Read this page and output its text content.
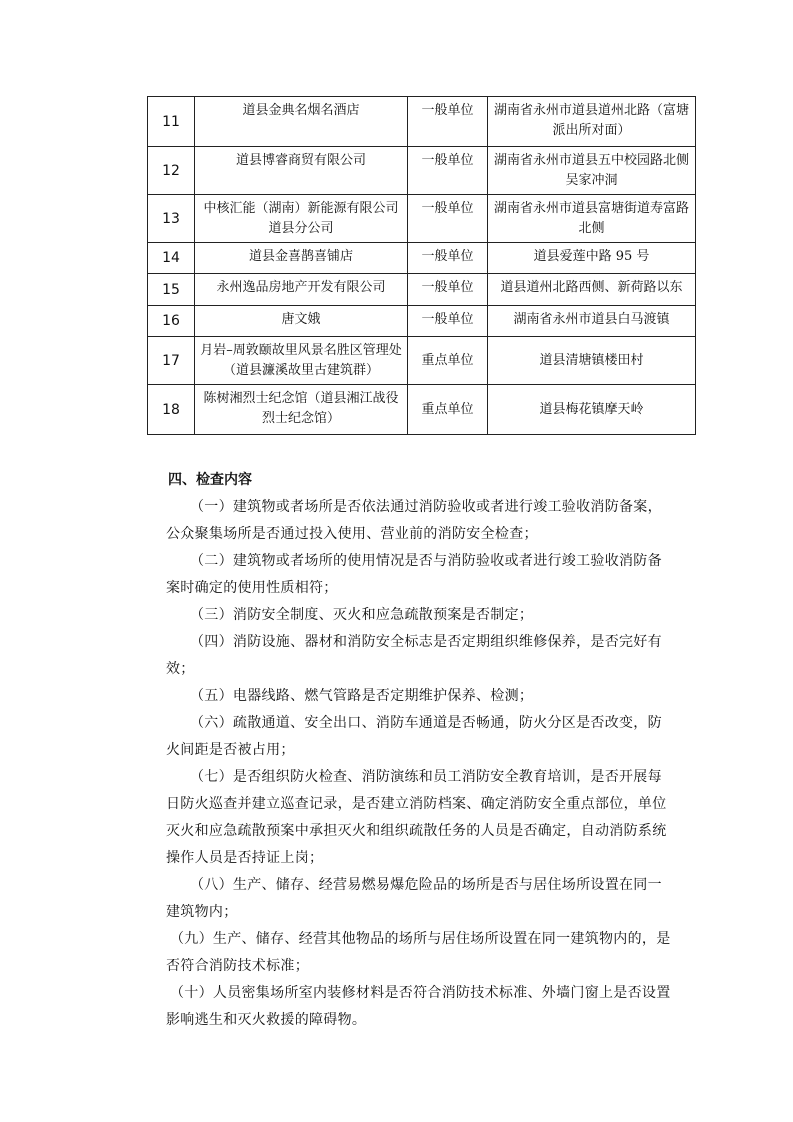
11	道县金典名烟名酒店	一般单位	湖南省永州市道县道州北路（富塘派出所对面）
12	道县博睿商贸有限公司	一般单位	湖南省永州市道县五中校园路北侧吴家冲洞
13	中核汇能（湖南）新能源有限公司道县分公司	一般单位	湖南省永州市道县富塘街道寿富路北侧
14	道县金喜鹊喜铺店	一般单位	道县爱莲中路 95 号
15	永州逸品房地产开发有限公司	一般单位	道县道州北路西侧、新荷路以东
16	唐文娥	一般单位	湖南省永州市道县白马渡镇
17	月岩–周敦颐故里风景名胜区管理处（道县濂溪故里古建筑群）	重点单位	道县清塘镇楼田村
18	陈树湘烈士纪念馆（道县湘江战役烈士纪念馆）	重点单位	道县梅花镇摩天岭
四、检查内容

（一）建筑物或者场所是否依法通过消防验收或者进行竣工验收消防备案，公众聚集场所是否通过投入使用、营业前的消防安全检查；

（二）建筑物或者场所的使用情况是否与消防验收或者进行竣工验收消防备案时确定的使用性质相符；

（三）消防安全制度、灭火和应急疏散预案是否制定；

（四）消防设施、器材和消防安全标志是否定期组织维修保养，是否完好有效；

（五）电器线路、燃气管路是否定期维护保养、检测；

（六）疏散通道、安全出口、消防车通道是否畅通，防火分区是否改变，防火间距是否被占用；

（七）是否组织防火检查、消防演练和员工消防安全教育培训，是否开展每日防火巡查并建立巡查记录，是否建立消防档案、确定消防安全重点部位，单位灭火和应急疏散预案中承担灭火和组织疏散任务的人员是否确定，自动消防系统操作人员是否持证上岗；

（八）生产、储存、经营易燃易爆危险品的场所是否与居住场所设置在同一建筑物内；

（九）生产、储存、经营其他物品的场所与居住场所设置在同一建筑物内的，是否符合消防技术标准；

（十）人员密集场所室内装修材料是否符合消防技术标准、外墙门窗上是否设置影响逃生和灭火救援的障碍物。
